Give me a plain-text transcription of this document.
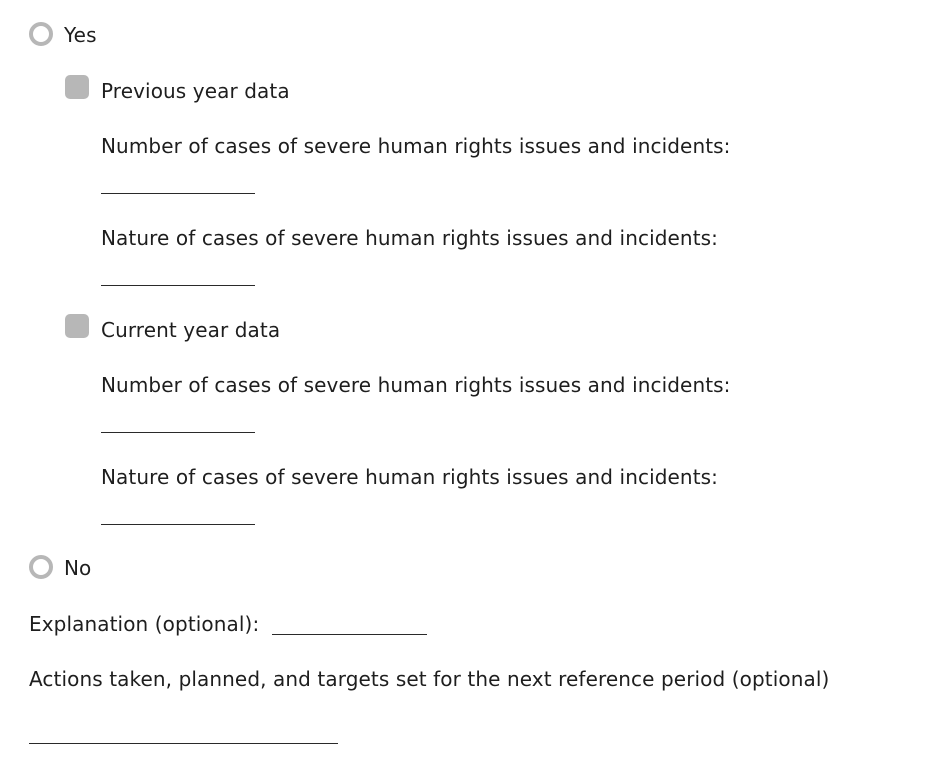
Yes
Previous year data
Number of cases of severe human rights issues and incidents:
Nature of cases of severe human rights issues and incidents:
Current year data
Number of cases of severe human rights issues and incidents:
Nature of cases of severe human rights issues and incidents:
No
Explanation (optional):
Actions taken, planned, and targets set for the next reference period (optional)
